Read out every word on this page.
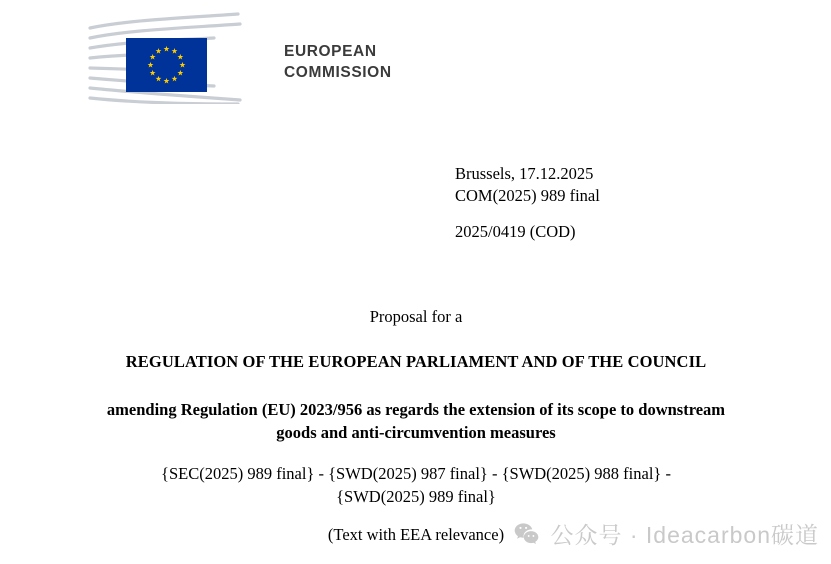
EUROPEAN
COMMISSION
Brussels, 17.12.2025
COM(2025) 989 final
2025/0419 (COD)
Proposal for a
REGULATION OF THE EUROPEAN PARLIAMENT AND OF THE COUNCIL
amending Regulation (EU) 2023/956 as regards the extension of its scope to downstream goods and anti-circumvention measures
{SEC(2025) 989 final} - {SWD(2025) 987 final} - {SWD(2025) 988 final} -
{SWD(2025) 989 final}
(Text with EEA relevance)	公众号 · Ideacarbon碳道
